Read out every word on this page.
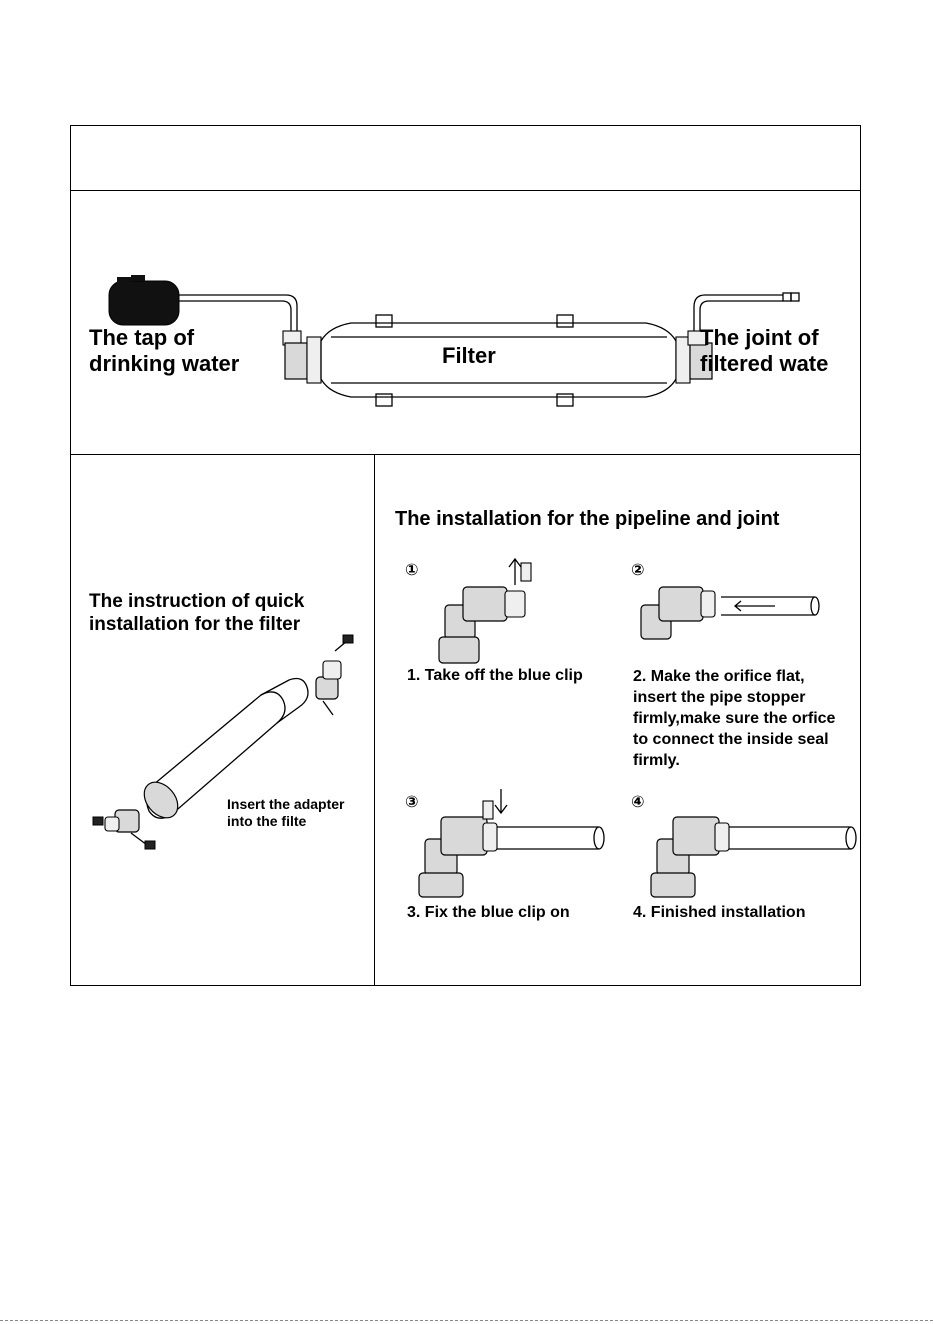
The tap of
drinking water	Filter
The joint of
filtered wate
The instruction of quick
installation for the filter
Insert the adapter
into the filte
The installation for the pipeline and joint
①
1. Take off the blue clip
②
2. Make the orifice flat,
insert the pipe stopper
firmly,make sure the orfice
to connect the inside seal
firmly.
③
3. Fix the blue clip on
④
4. Finished installation
